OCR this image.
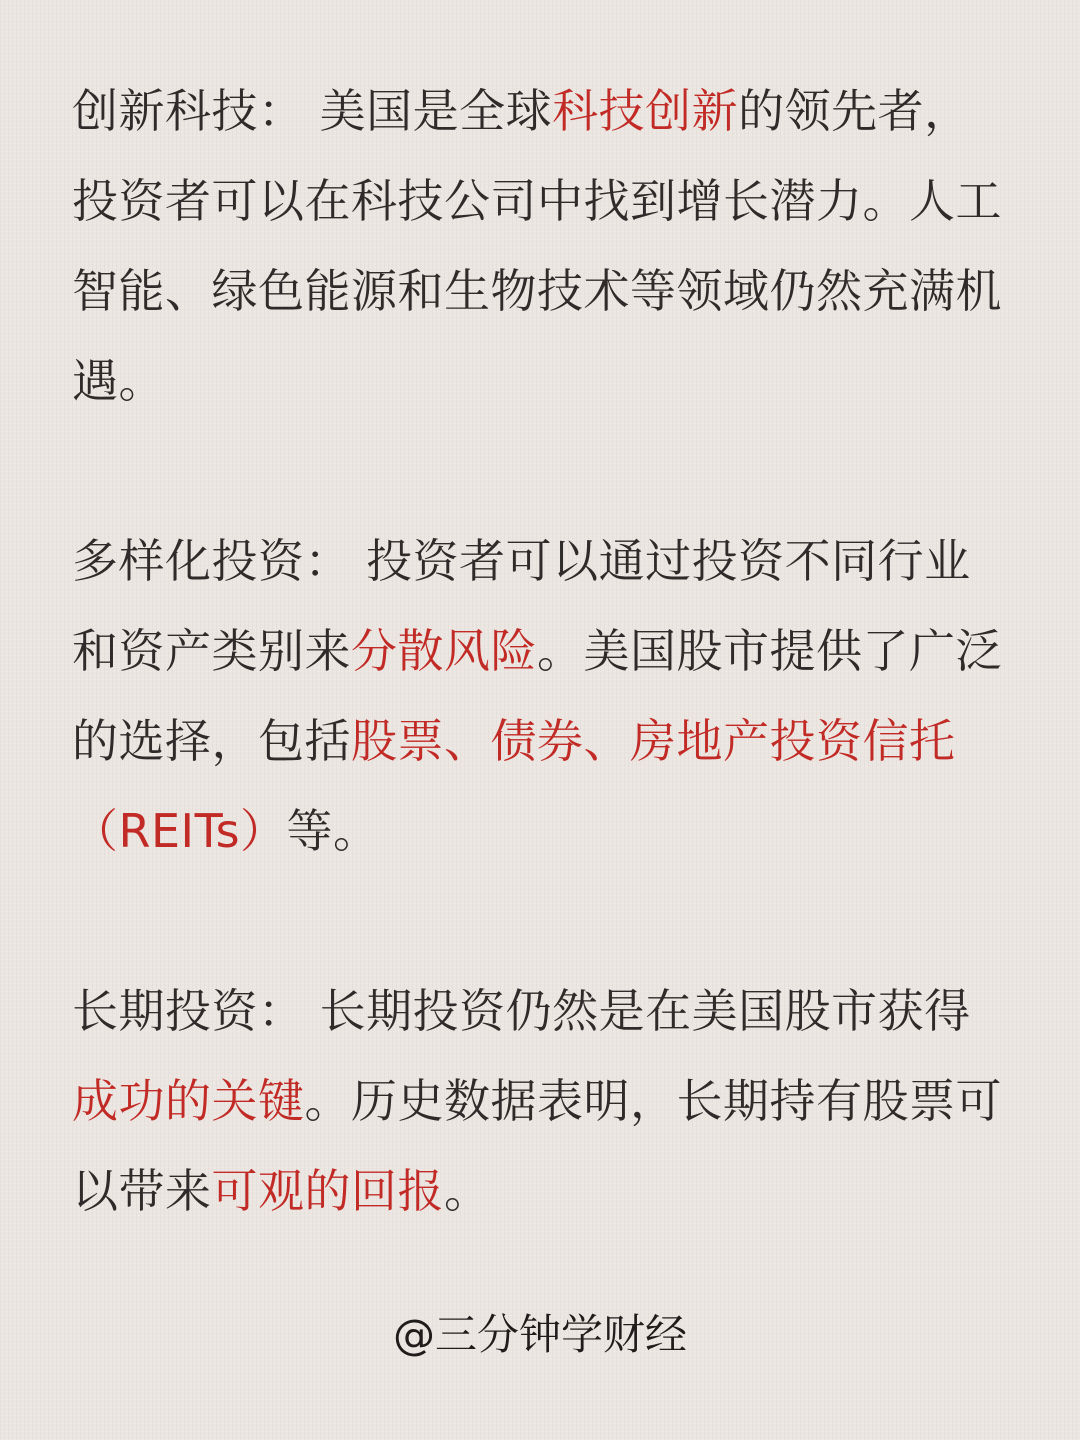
创新科技： 美国是全球科技创新的领先者，投资者可以在科技公司中找到增长潜力。人工智能、绿色能源和生物技术等领域仍然充满机遇。

多样化投资： 投资者可以通过投资不同行业和资产类别来分散风险。美国股市提供了广泛的选择，包括股票、债券、房地产投资信托（REITs）等。

长期投资： 长期投资仍然是在美国股市获得成功的关键。历史数据表明，长期持有股票可以带来可观的回报。

@三分钟学财经
